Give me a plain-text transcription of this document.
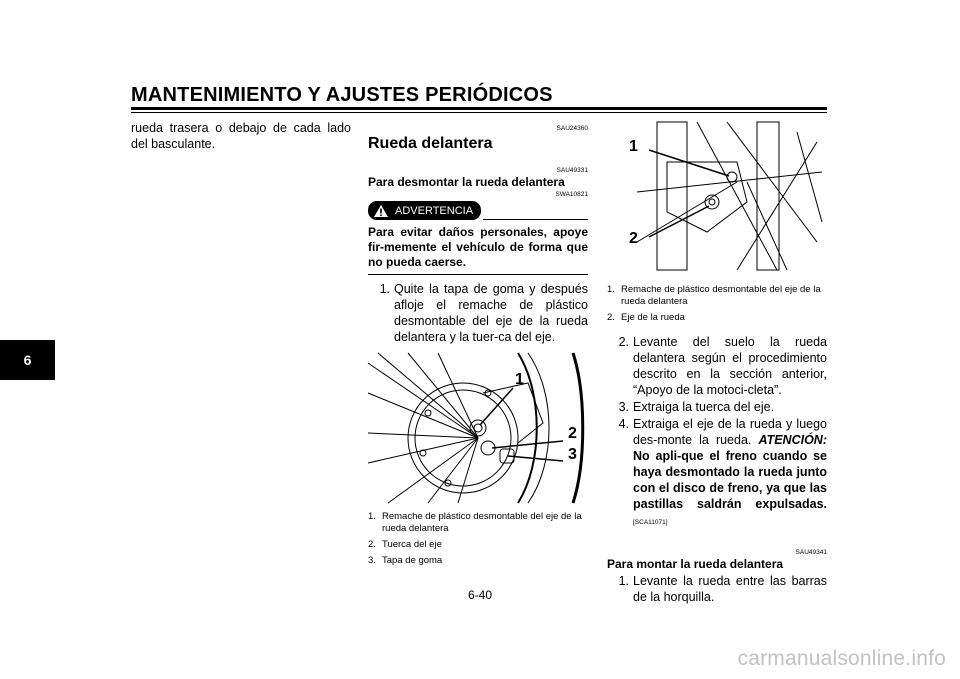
MANTENIMIENTO Y AJUSTES PERIÓDICOS
6

rueda trasera o debajo de cada lado del basculante.

SAU24360

Rueda delantera

SAU49331

Para desmontar la rueda delantera

SWA10821

ADVERTENCIA

Para evitar daños personales, apoye fir-memente el vehículo de forma que no pueda caerse.

1. Quite la tapa de goma y después afloje el remache de plástico desmontable del eje de la rueda delantera y la tuer-ca del eje.
1
2
3
1. Remache de plástico desmontable del eje de la rueda delantera
2. Tuerca del eje
3. Tapa de goma
1
2
1. Remache de plástico desmontable del eje de la rueda delantera
2. Eje de la rueda
2. Levante del suelo la rueda delantera según el procedimiento descrito en la sección anterior, “Apoyo de la motoci-cleta”.
3. Extraiga la tuerca del eje.
4. Extraiga el eje de la rueda y luego des-monte la rueda. ATENCIÓN: No apli-que el freno cuando se haya desmontado la rueda junto con el disco de freno, ya que las pastillas saldrán expulsadas.[SCA11071]

SAU49341

Para montar la rueda delantera
1. Levante la rueda entre las barras de la horquilla.
6-40
carmanualsonline.info
